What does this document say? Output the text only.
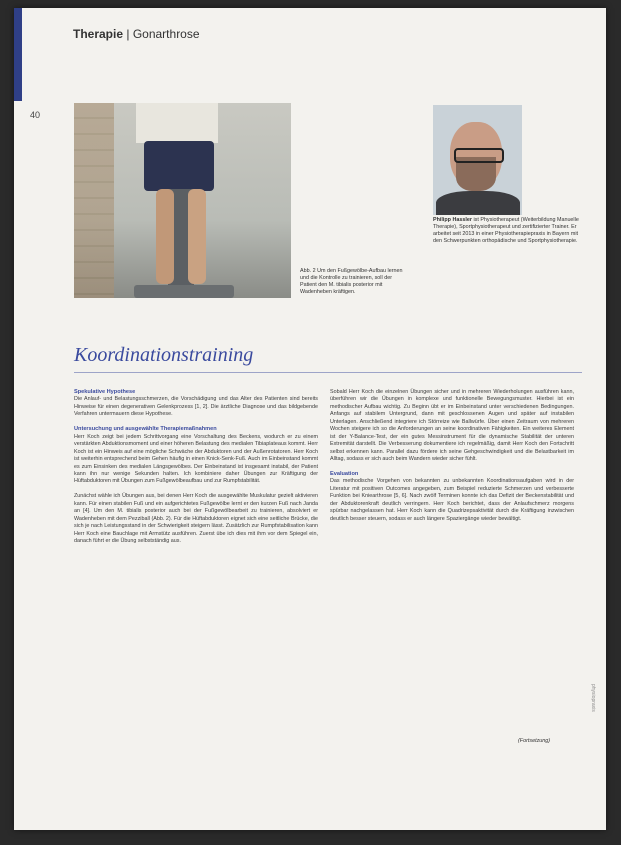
Therapie | Gonarthrose
40
Abb. 2 Um den Fußgewölbe-Aufbau lernen und die Kontrolle zu trainieren, soll der Patient den M. tibialis posterior mit Wadenheben kräftigen.
Philipp Hassler ist Physiotherapeut (Weiterbildung Manuelle Therapie), Sportphysiotherapeut und zertifizierter Trainer. Er arbeitet seit 2013 in einer Physiotherapiepraxis in Bayern mit den Schwerpunkten orthopädische und Sportphysiotherapie.
Koordinationstraining
Spekulative Hypothese

Die Anlauf- und Belastungsschmerzen, die Vorschädigung und das Alter des Patienten sind bereits Hinweise für einen degenerativen Gelenkprozess [1, 2]. Die ärztliche Diagnose und das bildgebende Verfahren untermauern diese Hypothese.

Untersuchung und ausgewählte Therapiemaßnahmen

Herr Koch zeigt bei jedem Schrittvorgang eine Vorschaltung des Beckens, wodurch er zu einem verstärkten Abduktionsmoment und einer höheren Belastung des medialen Tibiaplateaus kommt. Herr Koch ist ein Hinweis auf eine mögliche Schwäche der Abduktoren und der Außenrotatoren. Herr Koch ist weiterhin entsprechend beim Gehen häufig in einen Knick-Senk-Fuß. Auch im Einbeinstand kommt es zum Einsinken des medialen Längsgewölbes. Der Einbeinstand ist insgesamt instabil, der Patient kann ihn nur wenige Sekunden halten. Ich kombiniere daher Übungen zur Kräftigung der Hüftabduktoren mit Übungen zum Fußgewölbeaufbau und zur Rumpfstabilität.

Zunächst wähle ich Übungen aus, bei denen Herr Koch die ausgewählte Muskulatur gezielt aktivieren kann. Für einen stabilen Fuß und ein aufgerichtetes Fußgewölbe lernt er den kurzen Fuß nach Janda an [4]. Um den M. tibialis posterior auch bei der Fußgewölbearbeit zu trainieren, absolviert er Wadenheben mit dem Pezziball (Abb. 2). Für die Hüftabduktoren eignet sich eine seitliche Brücke, die sich je nach Leistungsstand in der Schwierigkeit steigern lässt. Zusätzlich zur Rumpfstabilisation kann Herr Koch eine Bauchlage mit Armstütz ausführen. Zuerst übe ich dies mit ihm vor dem Spiegel ein, danach führt er die Übung selbstständig aus.

Sobald Herr Koch die einzelnen Übungen sicher und in mehreren Wiederholungen ausführen kann, überführen wir die Übungen in komplexe und funktionelle Bewegungsmuster. Hierbei ist ein methodischer Aufbau wichtig. Zu Beginn übt er im Einbeinstand unter verschiedenen Bedingungen. Anfangs auf stabilem Untergrund, dann mit geschlossenen Augen und später auf instabilen Unterlagen. Anschließend integriere ich Störreize wie Ballwürfe. Über einen Zeitraum von mehreren Wochen steigere ich so die Anforderungen an seine koordinativen Fähigkeiten. Ein weiteres Element ist der Y-Balance-Test, der ein gutes Messinstrument für die dynamische Stabilität der unteren Extremität darstellt. Die Verbesserung dokumentiere ich regelmäßig, damit Herr Koch den Fortschritt selbst erkennen kann. Parallel dazu fördere ich seine Gehgeschwindigkeit und die Belastbarkeit im Alltag, sodass er sich auch beim Wandern wieder sicher fühlt.

Evaluation

Das methodische Vorgehen von bekannten zu unbekannten Koordinationsaufgaben wird in der Literatur mit positiven Outcomes angegeben, zum Beispiel reduzierte Schmerzen und verbesserte Funktion bei Kniearthrose [5, 6]. Nach zwölf Terminen konnte ich das Defizit der Beckenstabilität und der Abduktorenkraft deutlich verringern. Herr Koch berichtet, dass der Anlaufschmerz morgens spürbar nachgelassen hat. Herr Koch kann die Quadrizepsaktivität durch die Kräftigung inzwischen deutlich besser steuern, sodass er auch längere Spaziergänge wieder bewältigt.

(Fortsetzung)
physiopraxis
